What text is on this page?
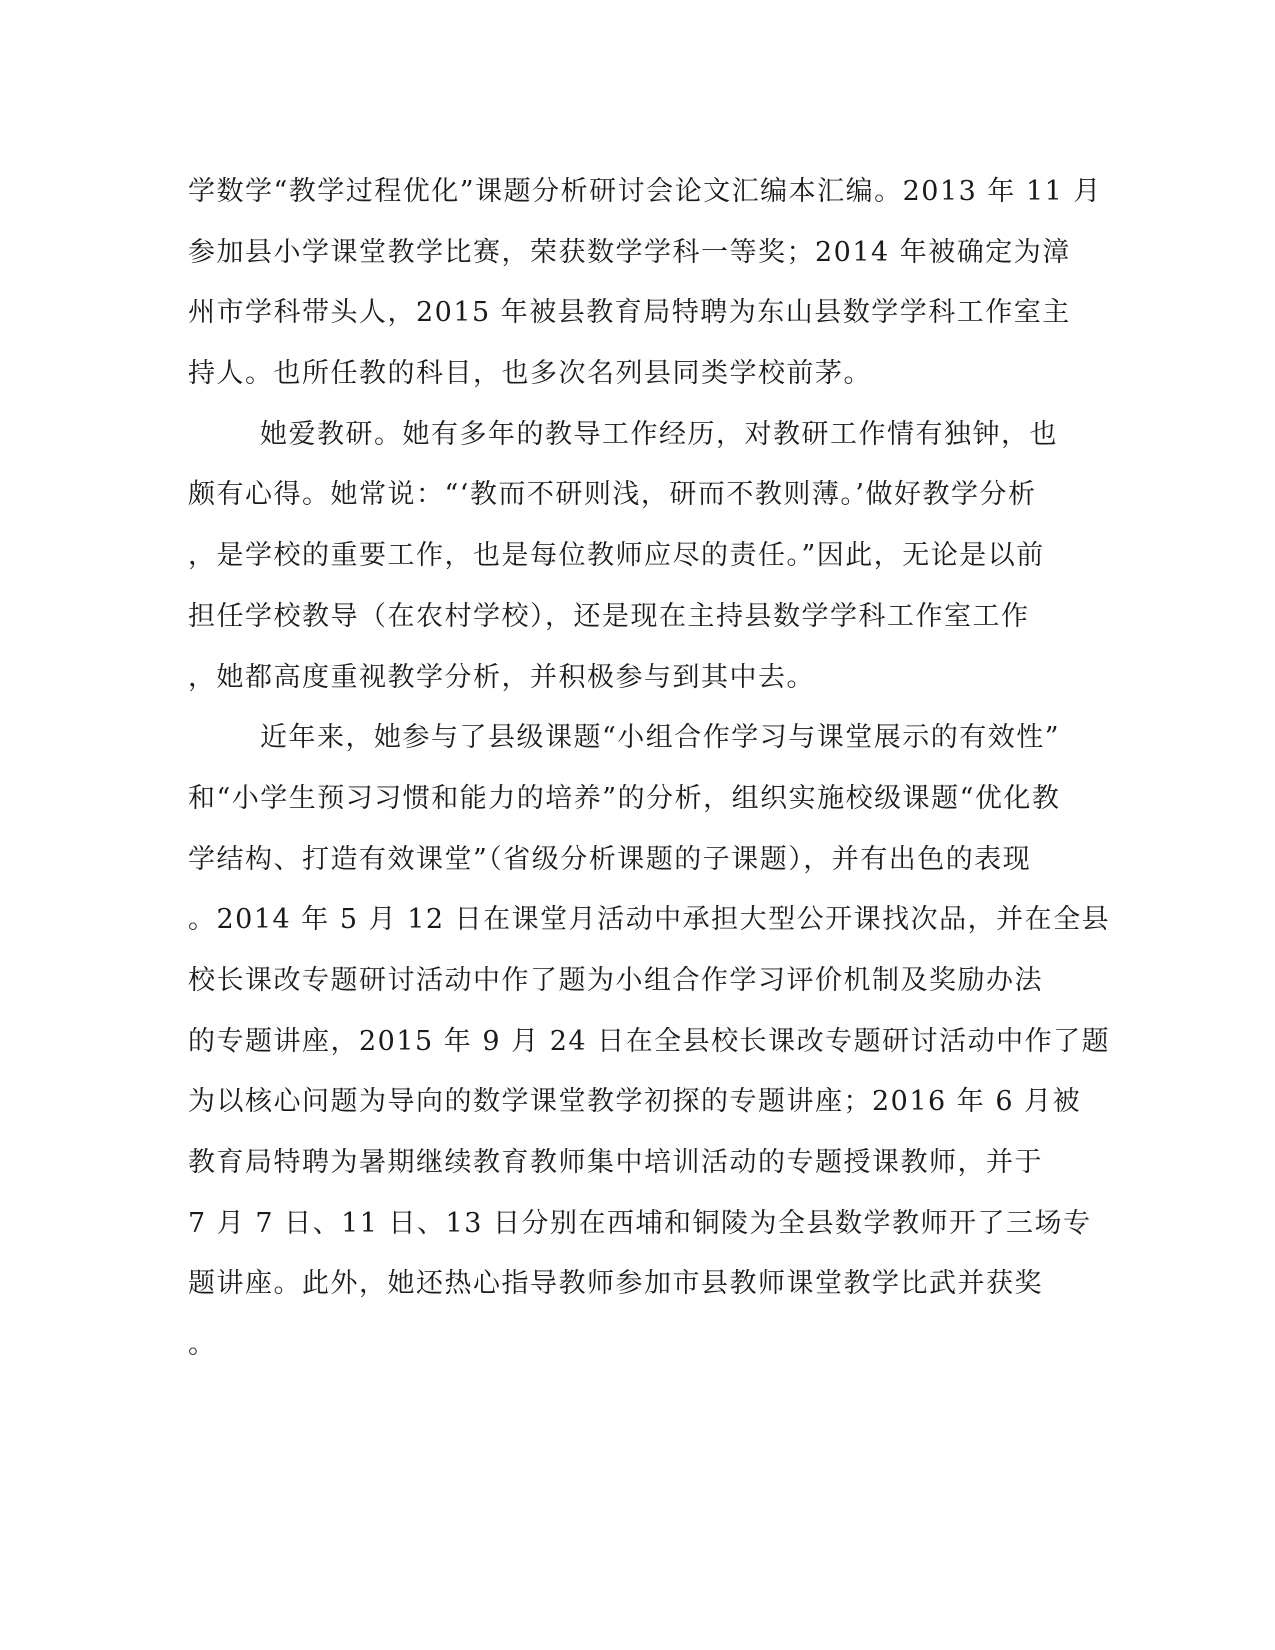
学数学“教学过程优化”课题分析研讨会论文汇编本汇编。2013 年 11 月
参加县小学课堂教学比赛，荣获数学学科一等奖；2014 年被确定为漳
州市学科带头人，2015 年被县教育局特聘为东山县数学学科工作室主
持人。也所任教的科目，也多次名列县同类学校前茅。
她爱教研。她有多年的教导工作经历，对教研工作情有独钟，也
颇有心得。她常说：“‘教而不研则浅，研而不教则薄。’做好教学分析
，是学校的重要工作，也是每位教师应尽的责任。”因此，无论是以前
担任学校教导（在农村学校），还是现在主持县数学学科工作室工作
，她都高度重视教学分析，并积极参与到其中去。
近年来，她参与了县级课题“小组合作学习与课堂展示的有效性”
和“小学生预习习惯和能力的培养”的分析，组织实施校级课题“优化教
学结构、打造有效课堂”（省级分析课题的子课题），并有出色的表现
。2014 年 5 月 12 日在课堂月活动中承担大型公开课找次品，并在全县
校长课改专题研讨活动中作了题为小组合作学习评价机制及奖励办法
的专题讲座，2015 年 9 月 24 日在全县校长课改专题研讨活动中作了题
为以核心问题为导向的数学课堂教学初探的专题讲座；2016 年 6 月被
教育局特聘为暑期继续教育教师集中培训活动的专题授课教师，并于
7 月 7 日、11 日、13 日分别在西埔和铜陵为全县数学教师开了三场专
题讲座。此外，她还热心指导教师参加市县教师课堂教学比武并获奖
。
